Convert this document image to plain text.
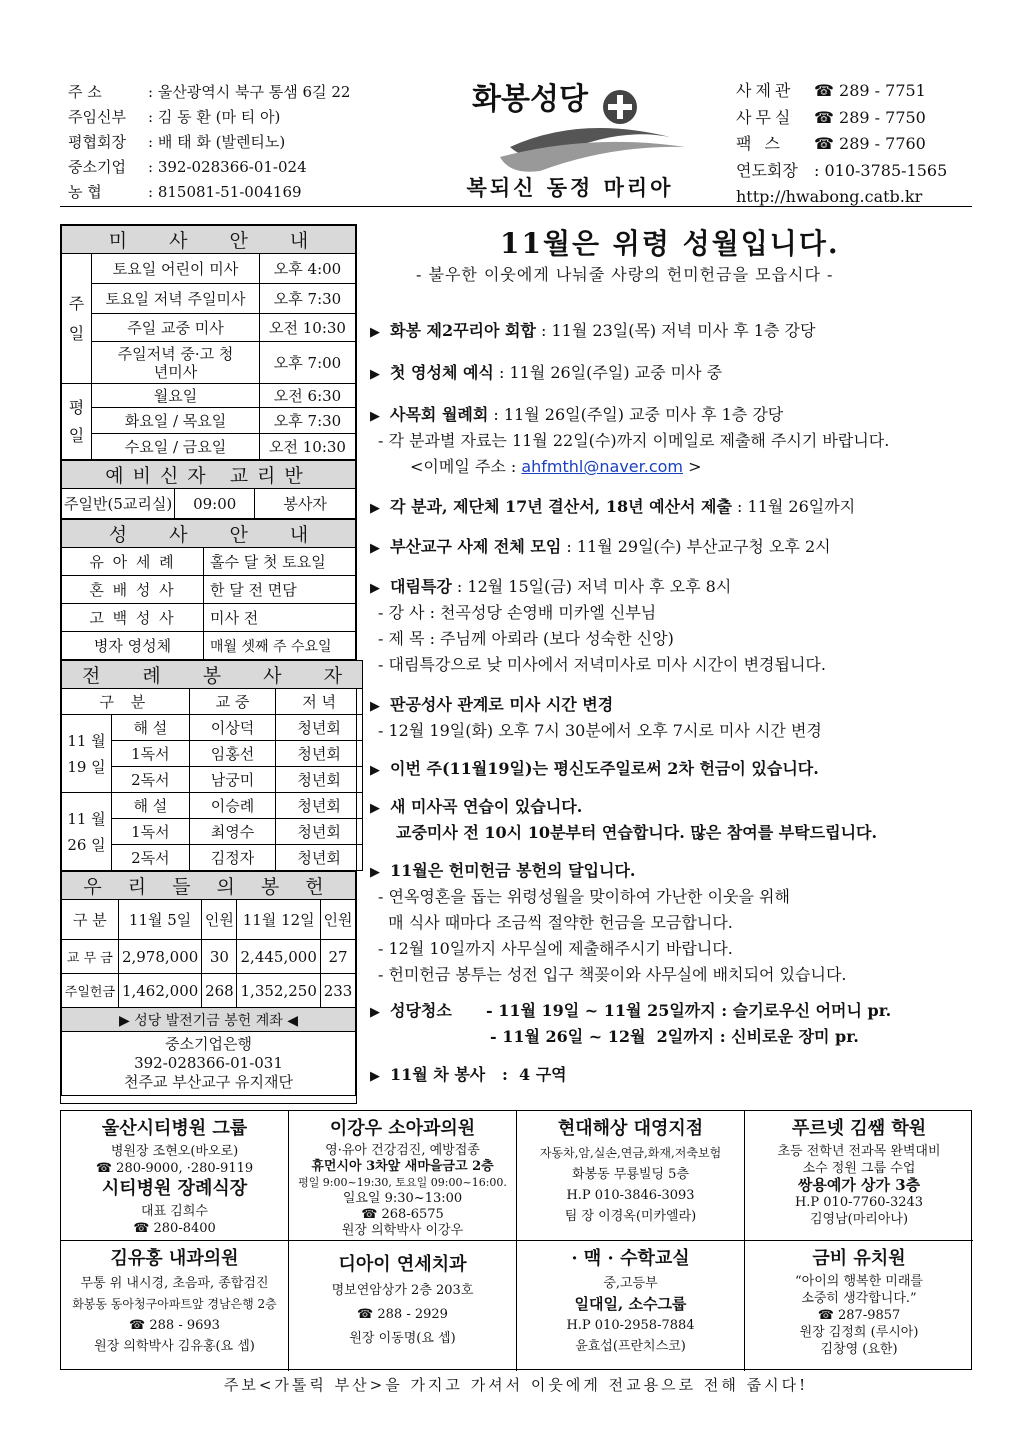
주 소	: 울산광역시 북구 통샘 6길 22
주임신부	: 김 동 환 (마 티 아)
평협회장	: 배 태 화 (발렌티노)
중소기업	: 392-028366-01-024
농 협	: 815081-51-004169
화봉성당
복되신 동정 마리아
사제관	☎ 289 - 7751
사무실	☎ 289 - 7750
팩 스	☎ 289 - 7760
연도회장	: 010-3785-1565
http://hwabong.catb.kr
미 사 안 내		
주일	토요일 어린이 미사	오후 4:00
	토요일 저녁 주일미사	오후 7:30
	주일 교중 미사	오전 10:30
	주일저녁 중·고 청년미사	오후 7:00
평일	월요일	오전 6:30
	화요일 / 목요일	오후 7:30
	수요일 / 금요일	오전 10:30
예비신자 교리반
주일반(5교리실)	09:00	봉사자
성 사 안 내	
유 아 세 례	홀수 달 첫 토요일
혼 배 성 사	한 달 전 면담
고 백 성 사	미사 전
병자 영성체	매월 셋째 주 수요일
전 례 봉 사 자			
구 분		교 중	저 녁
11 월 19 일	해 설	이상덕	청년회
	1독서	임홍선	청년회
	2독서	남궁미	청년회
11 월 26 일	해 설	이승례	청년회
	1독서	최영수	청년회
	2독서	김정자	청년회
우 리 들 의 봉 헌				
구 분	11월 5일	인원	11월 12일	인원
교 무 금	2,978,000	30	2,445,000	27
주일헌금	1,462,000	268	1,352,250	233
▶ 성당 발전기금 봉헌 계좌 ◀				

중소기업은행
392-028366-01-031
천주교 부산교구 유지재단				
11월은 위령 성월입니다.
- 불우한 이웃에게 나눠줄 사랑의 헌미헌금을 모읍시다 -
▶ 화봉 제2꾸리아 회합 : 11월 23일(목) 저녁 미사 후 1층 강당
▶ 첫 영성체 예식 : 11월 26일(주일) 교중 미사 중
▶ 사목회 월례회 : 11월 26일(주일) 교중 미사 후 1층 강당
- 각 분과별 자료는 11월 22일(수)까지 이메일로 제출해 주시기 바랍니다.
<이메일 주소 : ahfmthl@naver.com >
▶ 각 분과, 제단체 17년 결산서, 18년 예산서 제출 : 11월 26일까지
▶ 부산교구 사제 전체 모임 : 11월 29일(수) 부산교구청 오후 2시
▶ 대림특강 : 12월 15일(금) 저녁 미사 후 오후 8시
- 강 사 : 천곡성당 손영배 미카엘 신부님
- 제 목 : 주님께 아뢰라 (보다 성숙한 신앙)
- 대림특강으로 낮 미사에서 저녁미사로 미사 시간이 변경됩니다.
▶ 판공성사 관계로 미사 시간 변경
- 12월 19일(화) 오후 7시 30분에서 오후 7시로 미사 시간 변경
▶ 이번 주(11월19일)는 평신도주일로써 2차 헌금이 있습니다.
▶ 새 미사곡 연습이 있습니다.
교중미사 전 10시 10분부터 연습합니다. 많은 참여를 부탁드립니다.
▶ 11월은 헌미헌금 봉헌의 달입니다.
- 연옥영혼을 돕는 위령성월을 맞이하여 가난한 이웃을 위해
매 식사 때마다 조금씩 절약한 헌금을 모금합니다.
- 12월 10일까지 사무실에 제출해주시기 바랍니다.
- 헌미헌금 봉투는 성전 입구 책꽂이와 사무실에 배치되어 있습니다.
▶ 성당청소 - 11월 19일 ~ 11월 25일까지 : 슬기로우신 어머니 pr.
- 11월 26일 ~ 12월  2일까지 : 신비로운 장미 pr.
▶ 11월 차 봉사   :  4 구역
울산시티병원 그룹
병원장 조현오(바오로)
☎ 280-9000, ·280-9119
시티병원 장례식장
대표 김희수
☎ 280-8400
이강우 소아과의원
영·유아 건강검진, 예방접종
휴먼시아 3차앞 새마을금고 2층
평일 9:00~19:30, 토요일 09:00~16:00.
일요일 9:30~13:00
☎ 268-6575
원장 의학박사 이강우
현대해상 대영지점
자동차,암,실손,연금,화재,저축보험
화봉동 무룡빌딩 5층
H.P 010-3846-3093
팀 장 이경옥(미카엘라)
푸르넷 김쌤 학원
초등 전학년 전과목 완벽대비
소수 정원 그룹 수업
쌍용예가 상가 3층
H.P 010-7760-3243
김영남(마리아나)
김유홍 내과의원
무통 위 내시경, 초음파, 종합검진
화봉동 동아청구아파트앞 경남은행 2층
☎ 288 - 9693
원장 의학박사 김유홍(요 셉)
디아이 연세치과
명보연암상가 2층 203호
☎ 288 - 2929
원장 이동명(요 셉)
· 맥 · 수학교실
중,고등부
일대일, 소수그룹
H.P 010-2958-7884
윤효섭(프란치스코)
금비 유치원
“아이의 행복한 미래를
소중히 생각합니다.”
☎ 287-9857
원장 김정희 (루시아)
김창영 (요한)
주보<가톨릭 부산>을 가지고 가셔서 이웃에게 전교용으로 전해 줍시다!
